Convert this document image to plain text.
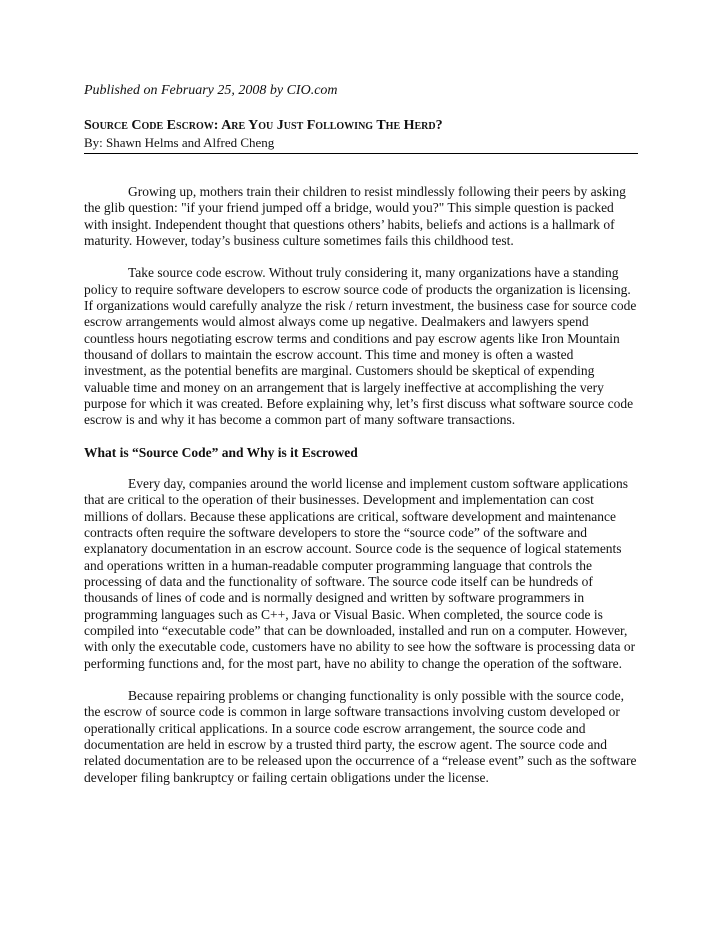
Published on February 25, 2008 by CIO.com
Source Code Escrow: Are You Just Following The Herd?
By: Shawn Helms and Alfred Cheng

Growing up, mothers train their children to resist mindlessly following their peers by asking the glib question: "if your friend jumped off a bridge, would you?" This simple question is packed with insight. Independent thought that questions others’ habits, beliefs and actions is a hallmark of maturity. However, today’s business culture sometimes fails this childhood test.

Take source code escrow. Without truly considering it, many organizations have a standing policy to require software developers to escrow source code of products the organization is licensing. If organizations would carefully analyze the risk / return investment, the business case for source code escrow arrangements would almost always come up negative. Dealmakers and lawyers spend countless hours negotiating escrow terms and conditions and pay escrow agents like Iron Mountain thousand of dollars to maintain the escrow account. This time and money is often a wasted investment, as the potential benefits are marginal. Customers should be skeptical of expending valuable time and money on an arrangement that is largely ineffective at accomplishing the very purpose for which it was created. Before explaining why, let’s first discuss what software source code escrow is and why it has become a common part of many software transactions.

What is “Source Code” and Why is it Escrowed

Every day, companies around the world license and implement custom software applications that are critical to the operation of their businesses. Development and implementation can cost millions of dollars. Because these applications are critical, software development and maintenance contracts often require the software developers to store the “source code” of the software and explanatory documentation in an escrow account. Source code is the sequence of logical statements and operations written in a human-readable computer programming language that controls the processing of data and the functionality of software. The source code itself can be hundreds of thousands of lines of code and is normally designed and written by software programmers in programming languages such as C++, Java or Visual Basic. When completed, the source code is compiled into “executable code” that can be downloaded, installed and run on a computer. However, with only the executable code, customers have no ability to see how the software is processing data or performing functions and, for the most part, have no ability to change the operation of the software.

Because repairing problems or changing functionality is only possible with the source code, the escrow of source code is common in large software transactions involving custom developed or operationally critical applications. In a source code escrow arrangement, the source code and documentation are held in escrow by a trusted third party, the escrow agent. The source code and related documentation are to be released upon the occurrence of a “release event” such as the software developer filing bankruptcy or failing certain obligations under the license.
